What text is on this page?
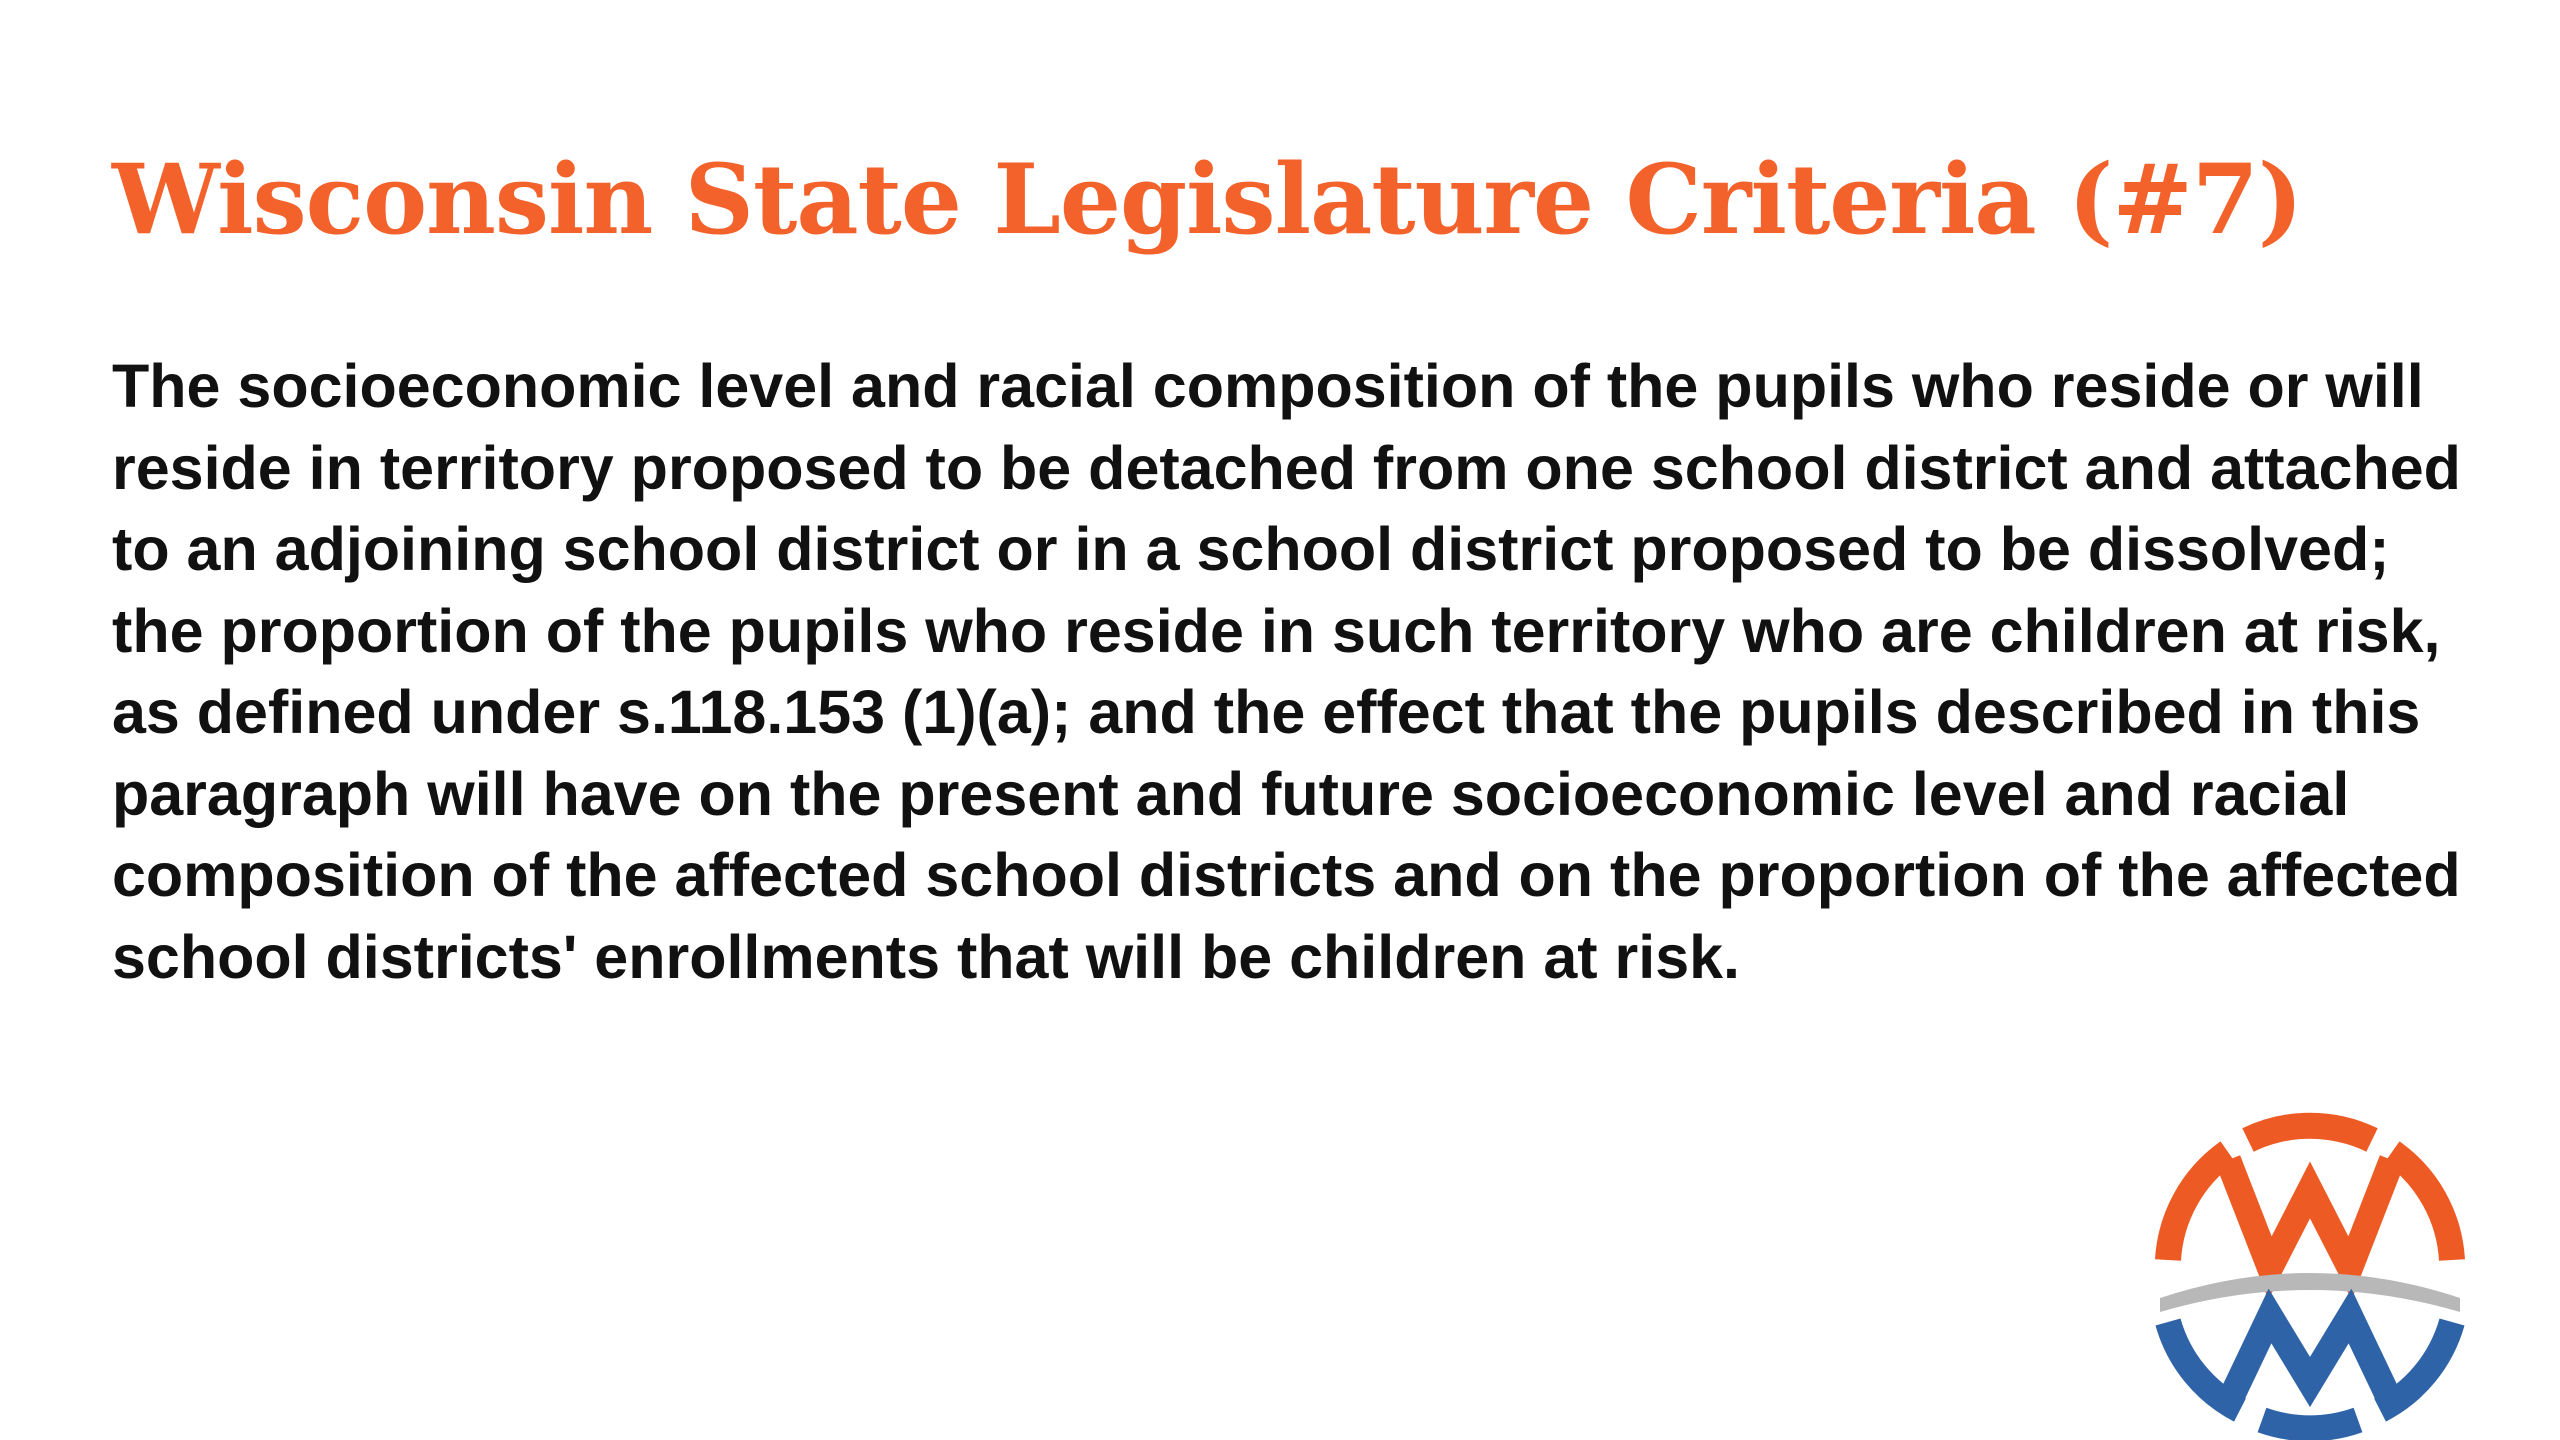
Wisconsin State Legislature Criteria (#7)

The socioeconomic level and racial composition of the pupils who reside or will reside in territory proposed to be detached from one school district and attached to an adjoining school district or in a school district proposed to be dissolved; the proportion of the pupils who reside in such territory who are children at risk, as defined under s.118.153 (1)(a); and the effect that the pupils described in this paragraph will have on the present and future socioeconomic level and racial composition of the affected school districts and on the proportion of the affected school districts' enrollments that will be children at risk.
